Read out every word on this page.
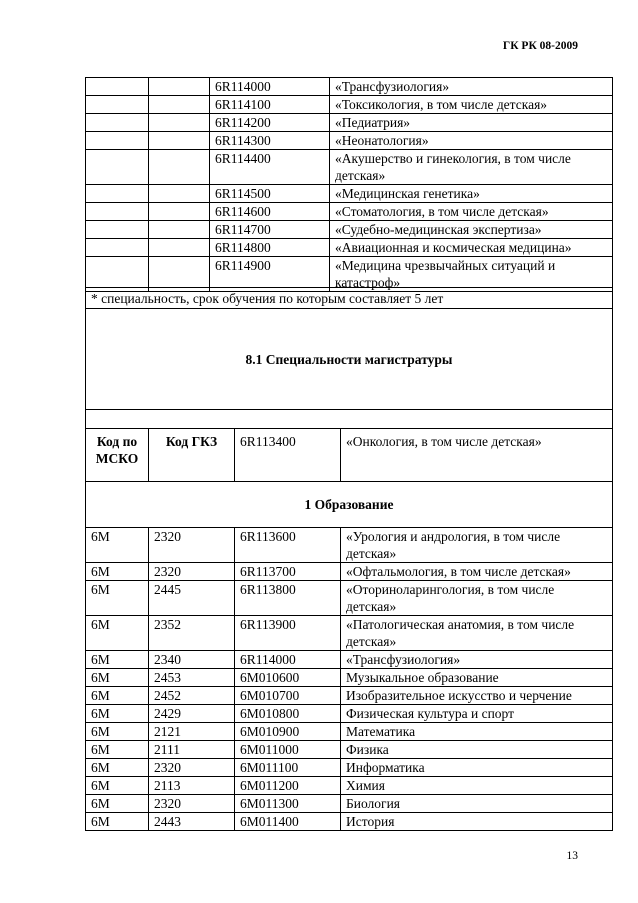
ГК РК 08-2009
		6R114000	«Трансфузиология»
		6R114100	«Токсикология, в том числе детская»
		6R114200	«Педиатрия»
		6R114300	«Неонатология»
		6R114400	«Акушерство и гинекология, в том числе детская»
		6R114500	«Медицинская генетика»
		6R114600	«Стоматология, в том числе детская»
		6R114700	«Судебно-медицинская экспертиза»
		6R114800	«Авиационная и космическая медицина»
		6R114900	«Медицина чрезвычайных ситуаций и катастроф»
* специальность, срок обучения по которым составляет 5 лет			
8.1 Специальности магистратуры			

Код по МСКО	Код ГКЗ	6R113400	«Онкология, в том числе детская»
1 Образование			
6M	2320	6R113600	«Урология и андрология, в том числе детская»
6M	2320	6R113700	«Офтальмология, в том числе детская»
6M	2445	6R113800	«Оториноларингология, в том числе детская»
6M	2352	6R113900	«Патологическая анатомия, в том числе детская»
6M	2340	6R114000	«Трансфузиология»
6M	2453	6M010600	Музыкальное образование
6M	2452	6M010700	Изобразительное искусство и черчение
6M	2429	6M010800	Физическая культура и спорт
6M	2121	6M010900	Математика
6M	2111	6M011000	Физика
6M	2320	6M011100	Информатика
6M	2113	6M011200	Химия
6M	2320	6M011300	Биология
6M	2443	6M011400	История
13
